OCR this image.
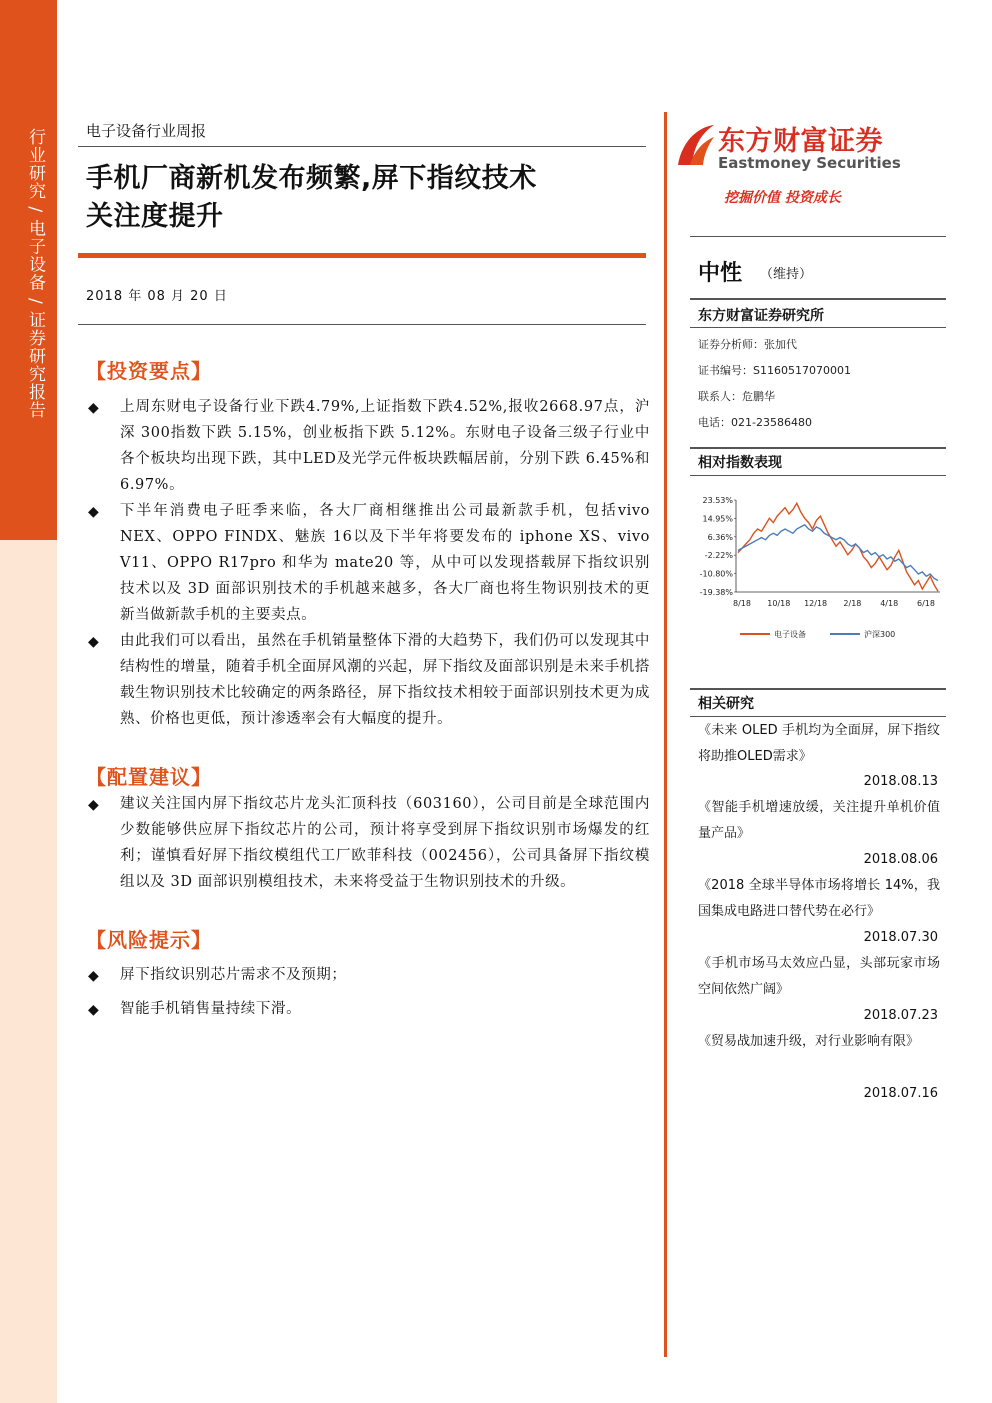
行业研究 / 电子设备 / 证券研究报告	电子设备行业周报
手机厂商新机发布频繁,屏下指纹技术
关注度提升
2018 年 08 月 20 日
【投资要点】
◆ 上周东财电子设备行业下跌4.79%,上证指数下跌4.52%,报收2668.97点，沪深 300指数下跌 5.15%，创业板指下跌 5.12%。东财电子设备三级子行业中各个板块均出现下跌，其中LED及光学元件板块跌幅居前，分别下跌 6.45%和 6.97%。
◆ 下半年消费电子旺季来临，各大厂商相继推出公司最新款手机，包括vivo NEX、OPPO FINDX、魅族 16以及下半年将要发布的 iphone XS、vivo V11、OPPO R17pro 和华为 mate20 等，从中可以发现搭载屏下指纹识别技术以及 3D 面部识别技术的手机越来越多，各大厂商也将生物识别技术的更新当做新款手机的主要卖点。
◆ 由此我们可以看出，虽然在手机销量整体下滑的大趋势下，我们仍可以发现其中结构性的增量，随着手机全面屏风潮的兴起，屏下指纹及面部识别是未来手机搭载生物识别技术比较确定的两条路径，屏下指纹技术相较于面部识别技术更为成熟、价格也更低，预计渗透率会有大幅度的提升。
【配置建议】
◆ 建议关注国内屏下指纹芯片龙头汇顶科技（603160），公司目前是全球范围内少数能够供应屏下指纹芯片的公司，预计将享受到屏下指纹识别市场爆发的红利；谨慎看好屏下指纹模组代工厂欧菲科技（002456），公司具备屏下指纹模组以及 3D 面部识别模组技术，未来将受益于生物识别技术的升级。
【风险提示】
◆ 屏下指纹识别芯片需求不及预期；
◆ 智能手机销售量持续下滑。
东方财富证券
Eastmoney Securities
挖掘价值 投资成长
中性 （维持）
东方财富证券研究所
证券分析师：张加代
证书编号：S1160517070001
联系人：危鹏华
电话：021-23586480
相对指数表现
23.53%
14.95%
6.36%
-2.22%
-10.80%
-19.38%
8/18 10/18 12/18 2/18 4/18 6/18
电子设备	沪深300
相关研究
《未来 OLED 手机均为全面屏，屏下指纹将助推OLED需求》
2018.08.13
《智能手机增速放缓，关注提升单机价值量产品》
2018.08.06
《2018 全球半导体市场将增长 14%，我国集成电路进口替代势在必行》
2018.07.30
《手机市场马太效应凸显，头部玩家市场空间依然广阔》
2018.07.23
《贸易战加速升级，对行业影响有限》
2018.07.16
